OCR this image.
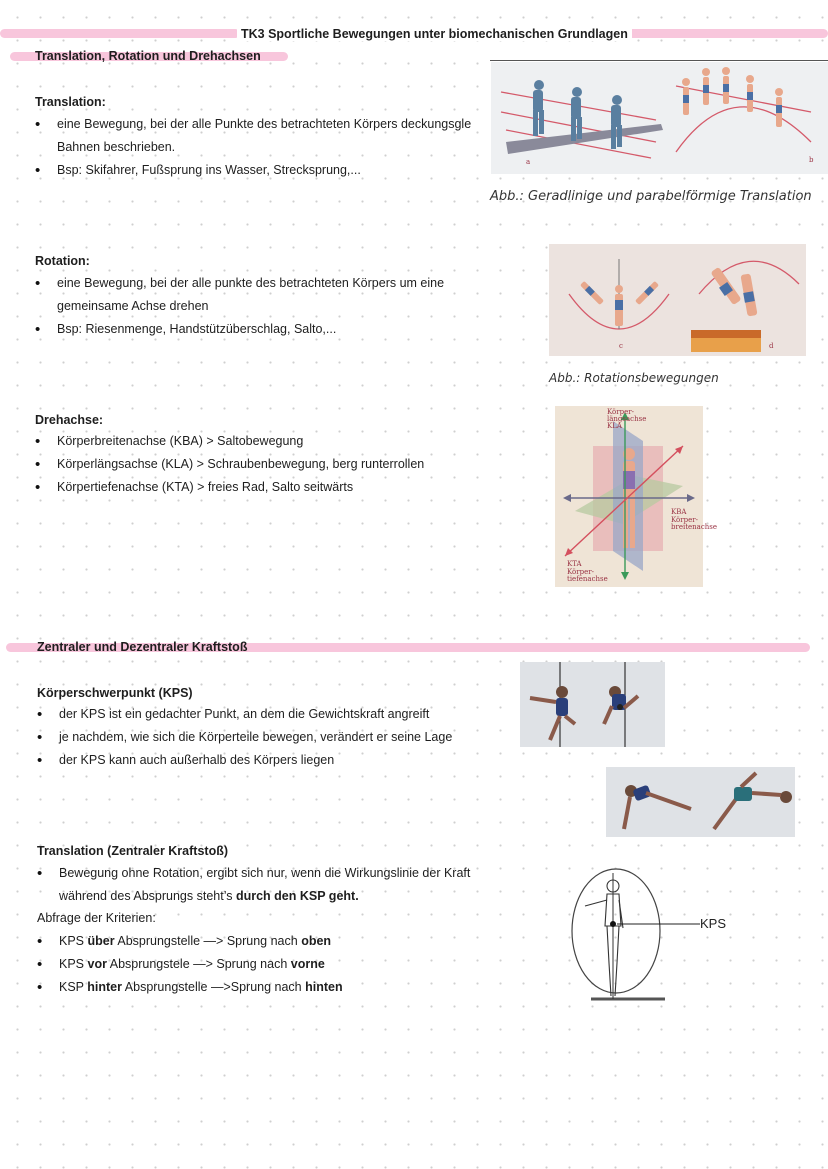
TK3 Sportliche Bewegungen unter biomechanischen Grundlagen
Translation, Rotation und Drehachsen
Translation:
• eine Bewegung, bei der alle Punkte des betrachteten Körpers deckungsgle
Bahnen beschrieben.
• Bsp: Skifahrer, Fußsprung ins Wasser, Strecksprung,...
a	b
Abb.: Geradlinige und parabelförmige Translation
Rotation:
• eine Bewegung, bei der alle punkte des betrachteten Körpers um eine
gemeinsame Achse drehen
• Bsp: Riesenmenge, Handstützüberschlag, Salto,...
c	d
Abb.: Rotationsbewegungen
Drehachse:
• Körperbreitenachse (KBA) > Saltobewegung
• Körperlängsachse (KLA) > Schraubenbewegung, berg runterrollen
• Körpertiefenachse (KTA) > freies Rad, Salto seitwärts
Körper-
längsachse
KLA
KBA
Körper-
breitenachse
KTA
Körper-
tiefenachse
Zentraler und Dezentraler Kraftstoß
Körperschwerpunkt (KPS)
• der KPS ist ein gedachter Punkt, an dem die Gewichtskraft angreift
• je nachdem, wie sich die Körperteile bewegen, verändert er seine Lage
• der KPS kann auch außerhalb des Körpers liegen
Translation (Zentraler Kraftstoß)
• Bewegung ohne Rotation, ergibt sich nur, wenn die Wirkungslinie der Kraft
während des Absprungs steht’s durch den KSP geht.
Abfrage der Kriterien:
• KPS über Absprungstelle —> Sprung nach oben
• KPS vor Absprungstele —> Sprung nach vorne
• KSP hinter Absprungstelle —>Sprung nach hinten
KPS
